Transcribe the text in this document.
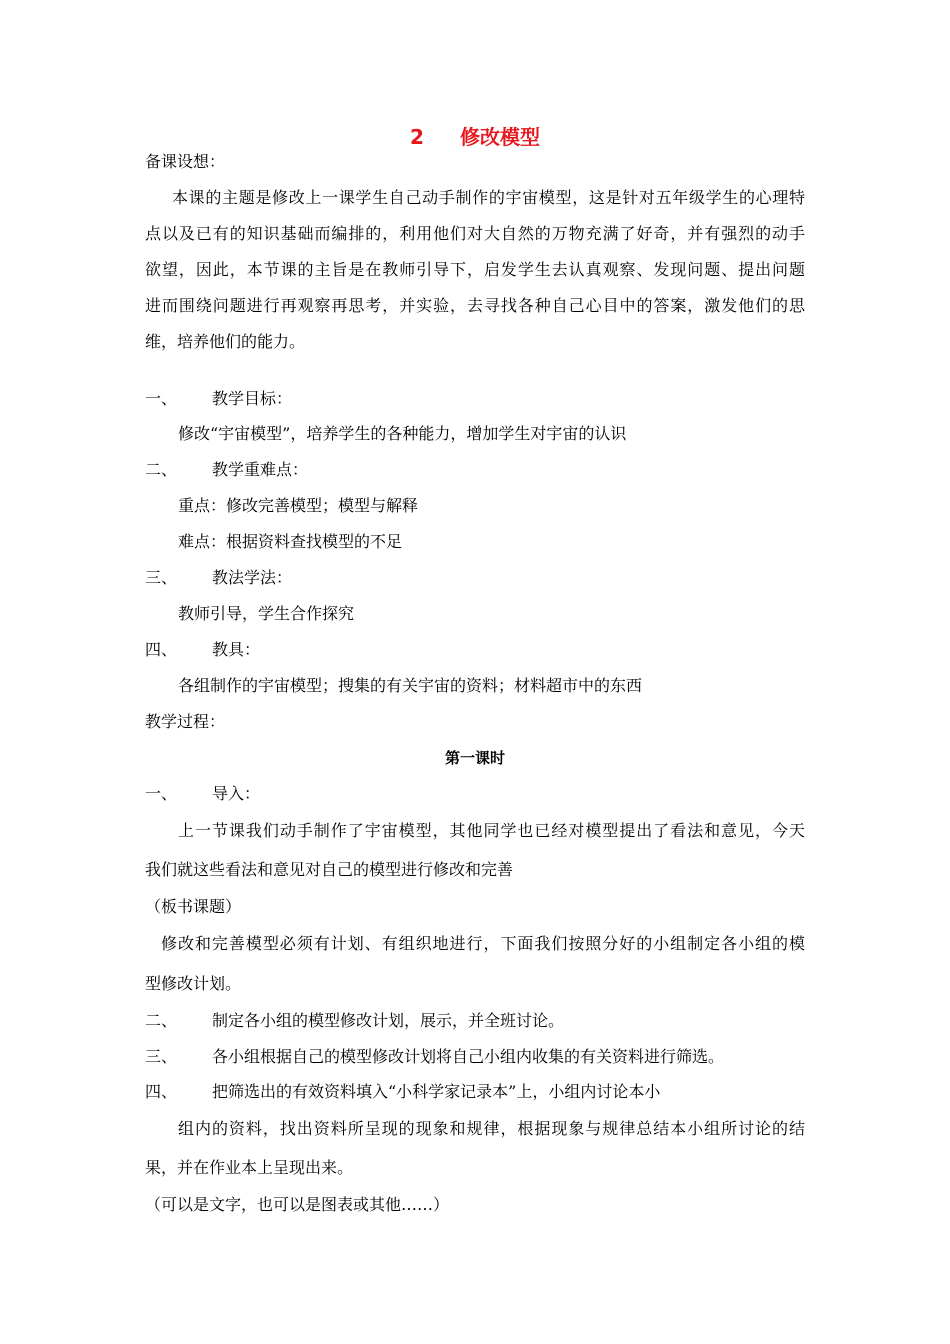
2 修改模型
备课设想：
本课的主题是修改上一课学生自己动手制作的宇宙模型，这是针对五年级学生的心理特
点以及已有的知识基础而编排的，利用他们对大自然的万物充满了好奇，并有强烈的动手
欲望，因此，本节课的主旨是在教师引导下，启发学生去认真观察、发现问题、提出问题
进而围绕问题进行再观察再思考，并实验，去寻找各种自己心目中的答案，激发他们的思
维，培养他们的能力。
一、 教学目标：
修改“宇宙模型”，培养学生的各种能力，增加学生对宇宙的认识
二、 教学重难点：
重点：修改完善模型；模型与解释
难点：根据资料查找模型的不足
三、 教法学法：
教师引导，学生合作探究
四、 教具：
各组制作的宇宙模型；搜集的有关宇宙的资料；材料超市中的东西
教学过程：
第一课时
一、 导入：
上一节课我们动手制作了宇宙模型，其他同学也已经对模型提出了看法和意见，今天
我们就这些看法和意见对自己的模型进行修改和完善
（板书课题）
修改和完善模型必须有计划、有组织地进行，下面我们按照分好的小组制定各小组的模
型修改计划。
二、 制定各小组的模型修改计划，展示，并全班讨论。
三、 各小组根据自己的模型修改计划将自己小组内收集的有关资料进行筛选。
四、 把筛选出的有效资料填入“小科学家记录本”上，小组内讨论本小
组内的资料，找出资料所呈现的现象和规律，根据现象与规律总结本小组所讨论的结
果，并在作业本上呈现出来。
（可以是文字，也可以是图表或其他……）
